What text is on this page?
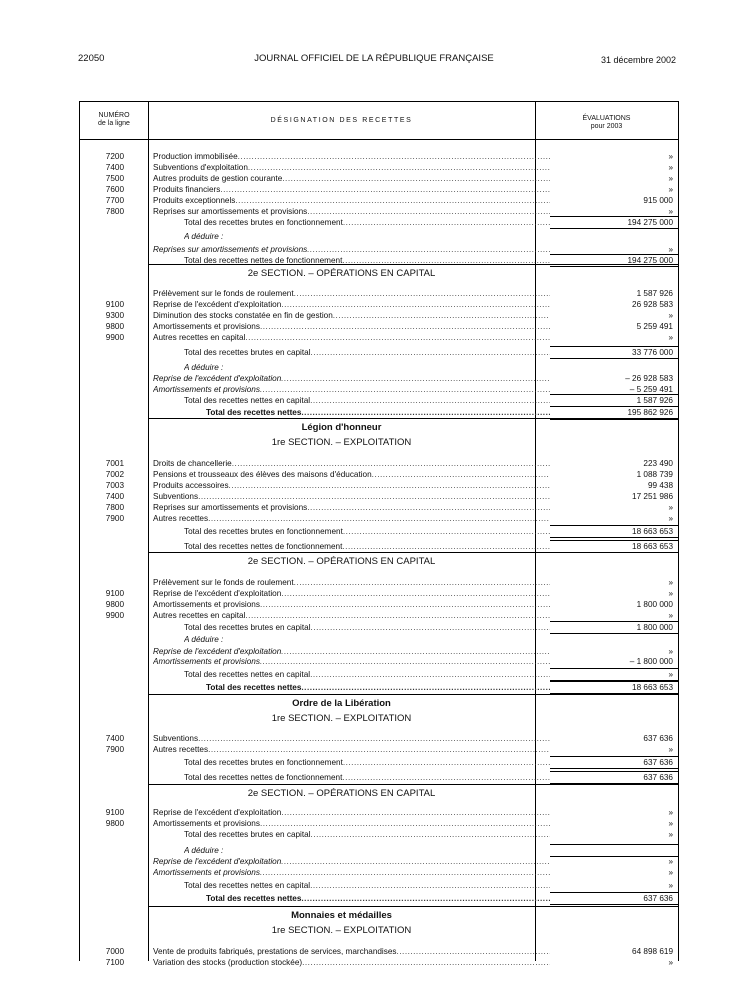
22050	JOURNAL OFFICIEL DE LA RÉPUBLIQUE FRANÇAISE	31 décembre 2002
NUMÉRO
de la ligne	DÉSIGNATION DES RECETTES	ÉVALUATIONS
pour 2003
7200	Production immobilisée .....	»
7400	Subventions d'exploitation .....	»
7500	Autres produits de gestion courante .....	»
7600	Produits financiers .....	»
7700	Produits exceptionnels .....	915 000
7800	Reprises sur amortissements et provisions .....	»
Total des recettes brutes en fonctionnement .....	194 275 000
A déduire :
Reprises sur amortissements et provisions .....	»
Total des recettes nettes de fonctionnement .....	194 275 000
2e SECTION. – OPÉRATIONS EN CAPITAL
Prélèvement sur le fonds de roulement .....	1 587 926
9100	Reprise de l'excédent d'exploitation .....	26 928 583
9300	Diminution des stocks constatée en fin de gestion .....	»
9800	Amortissements et provisions .....	5 259 491
9900	Autres recettes en capital .....	»
Total des recettes brutes en capital .....	33 776 000
A déduire :
Reprise de l'excédent d'exploitation .....	– 26 928 583
Amortissements et provisions .....	– 5 259 491
Total des recettes nettes en capital .....	1 587 926
Total des recettes nettes .....	195 862 926
Légion d'honneur
1re SECTION. – EXPLOITATION
7001	Droits de chancellerie .....	223 490
7002	Pensions et trousseaux des élèves des maisons d'éducation .....	1 088 739
7003	Produits accessoires .....	99 438
7400	Subventions .....	17 251 986
7800	Reprises sur amortissements et provisions .....	»
7900	Autres recettes .....	»
Total des recettes brutes en fonctionnement .....	18 663 653
Total des recettes nettes de fonctionnement .....	18 663 653
2e SECTION. – OPÉRATIONS EN CAPITAL
Prélèvement sur le fonds de roulement .....	»
9100	Reprise de l'excédent d'exploitation .....	»
9800	Amortissements et provisions .....	1 800 000
9900	Autres recettes en capital .....	»
Total des recettes brutes en capital .....	1 800 000
A déduire :
Reprise de l'excédent d'exploitation .....	»
Amortissements et provisions .....	– 1 800 000
Total des recettes nettes en capital .....	»
Total des recettes nettes .....	18 663 653
Ordre de la Libération
1re SECTION. – EXPLOITATION
7400	Subventions .....	637 636
7900	Autres recettes .....	»
Total des recettes brutes en fonctionnement .....	637 636
Total des recettes nettes de fonctionnement .....	637 636
2e SECTION. – OPÉRATIONS EN CAPITAL
9100	Reprise de l'excédent d'exploitation .....	»
9800	Amortissements et provisions .....	»
Total des recettes brutes en capital .....	»
A déduire :
Reprise de l'excédent d'exploitation .....	»
Amortissements et provisions .....	»
Total des recettes nettes en capital .....	»
Total des recettes nettes .....	637 636
Monnaies et médailles
1re SECTION. – EXPLOITATION
7000	Vente de produits fabriqués, prestations de services, marchandises .....	64 898 619
7100	Variation des stocks (production stockée) .....	»
